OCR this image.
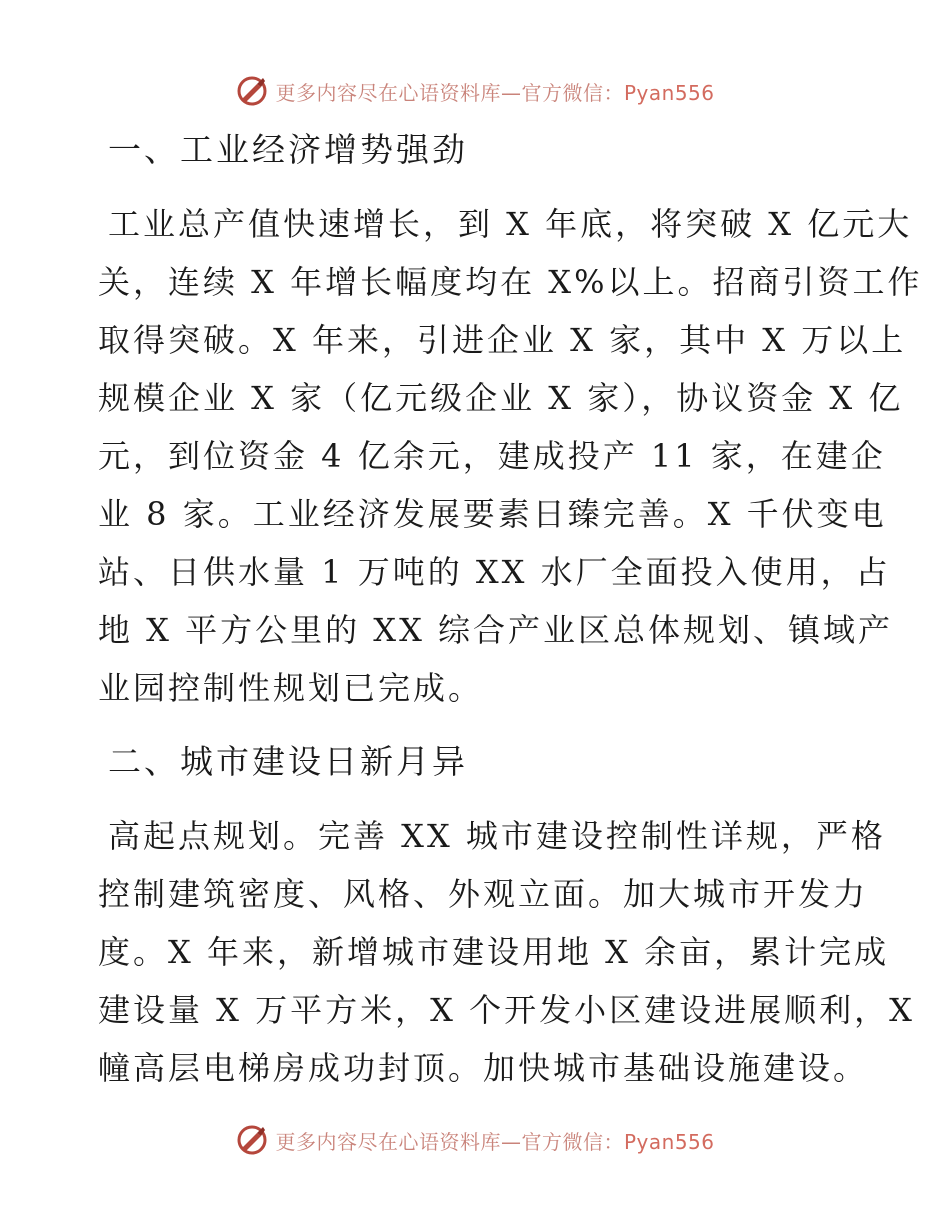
更多内容尽在心语资料库—官方微信：Pyan556
一、工业经济增势强劲
工业总产值快速增长，到 X 年底，将突破 X 亿元大
关，连续 X 年增长幅度均在 X%以上。招商引资工作
取得突破。X 年来，引进企业 X 家，其中 X 万以上
规模企业 X 家（亿元级企业 X 家），协议资金 X 亿
元，到位资金 4 亿余元，建成投产 11 家，在建企
业 8 家。工业经济发展要素日臻完善。X 千伏变电
站、日供水量 1 万吨的 XX 水厂全面投入使用，占
地 X 平方公里的 XX 综合产业区总体规划、镇域产
业园控制性规划已完成。
二、城市建设日新月异
高起点规划。完善 XX 城市建设控制性详规，严格
控制建筑密度、风格、外观立面。加大城市开发力
度。X 年来，新增城市建设用地 X 余亩，累计完成
建设量 X 万平方米，X 个开发小区建设进展顺利，X
幢高层电梯房成功封顶。加快城市基础设施建设。
更多内容尽在心语资料库—官方微信：Pyan556
